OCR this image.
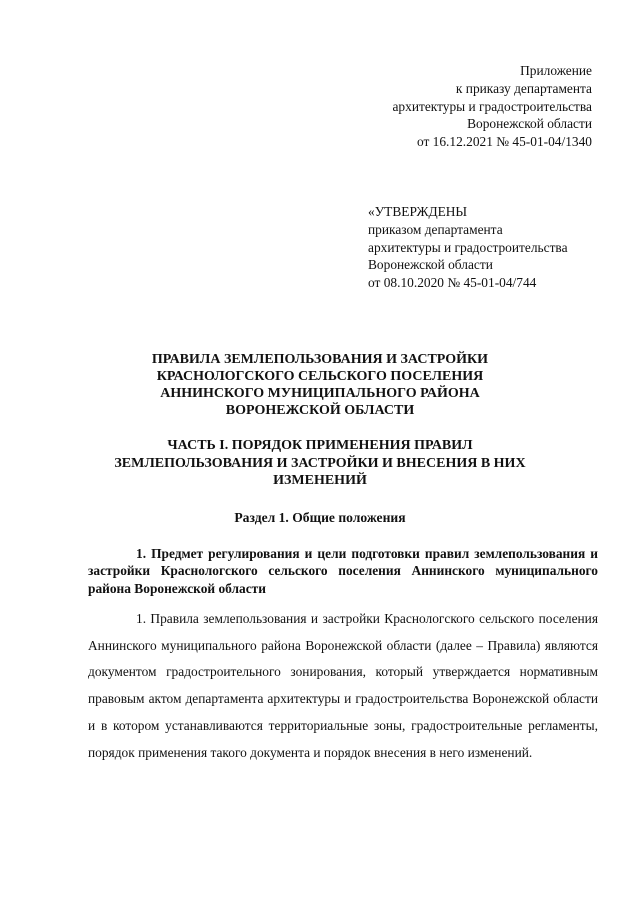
Приложение
к приказу департамента
архитектуры и градостроительства
Воронежской области
от 16.12.2021 № 45-01-04/1340
«УТВЕРЖДЕНЫ
приказом департамента
архитектуры и градостроительства
Воронежской области
от 08.10.2020 № 45-01-04/744
ПРАВИЛА ЗЕМЛЕПОЛЬЗОВАНИЯ И ЗАСТРОЙКИ
КРАСНОЛОГСКОГО СЕЛЬСКОГО ПОСЕЛЕНИЯ
АННИНСКОГО МУНИЦИПАЛЬНОГО РАЙОНА
ВОРОНЕЖСКОЙ ОБЛАСТИ
ЧАСТЬ I. ПОРЯДОК ПРИМЕНЕНИЯ ПРАВИЛ
ЗЕМЛЕПОЛЬЗОВАНИЯ И ЗАСТРОЙКИ И ВНЕСЕНИЯ В НИХ
ИЗМЕНЕНИЙ
Раздел 1. Общие положения
1. Предмет регулирования и цели подготовки правил землепользования и застройки Краснологского сельского поселения Аннинского муниципального района Воронежской области
1. Правила землепользования и застройки Краснологского сельского поселения Аннинского муниципального района Воронежской области (далее – Правила) являются документом градостроительного зонирования, который утверждается нормативным правовым актом департамента архитектуры и градостроительства Воронежской области и в котором устанавливаются территориальные зоны, градостроительные регламенты, порядок применения такого документа и порядок внесения в него изменений.
